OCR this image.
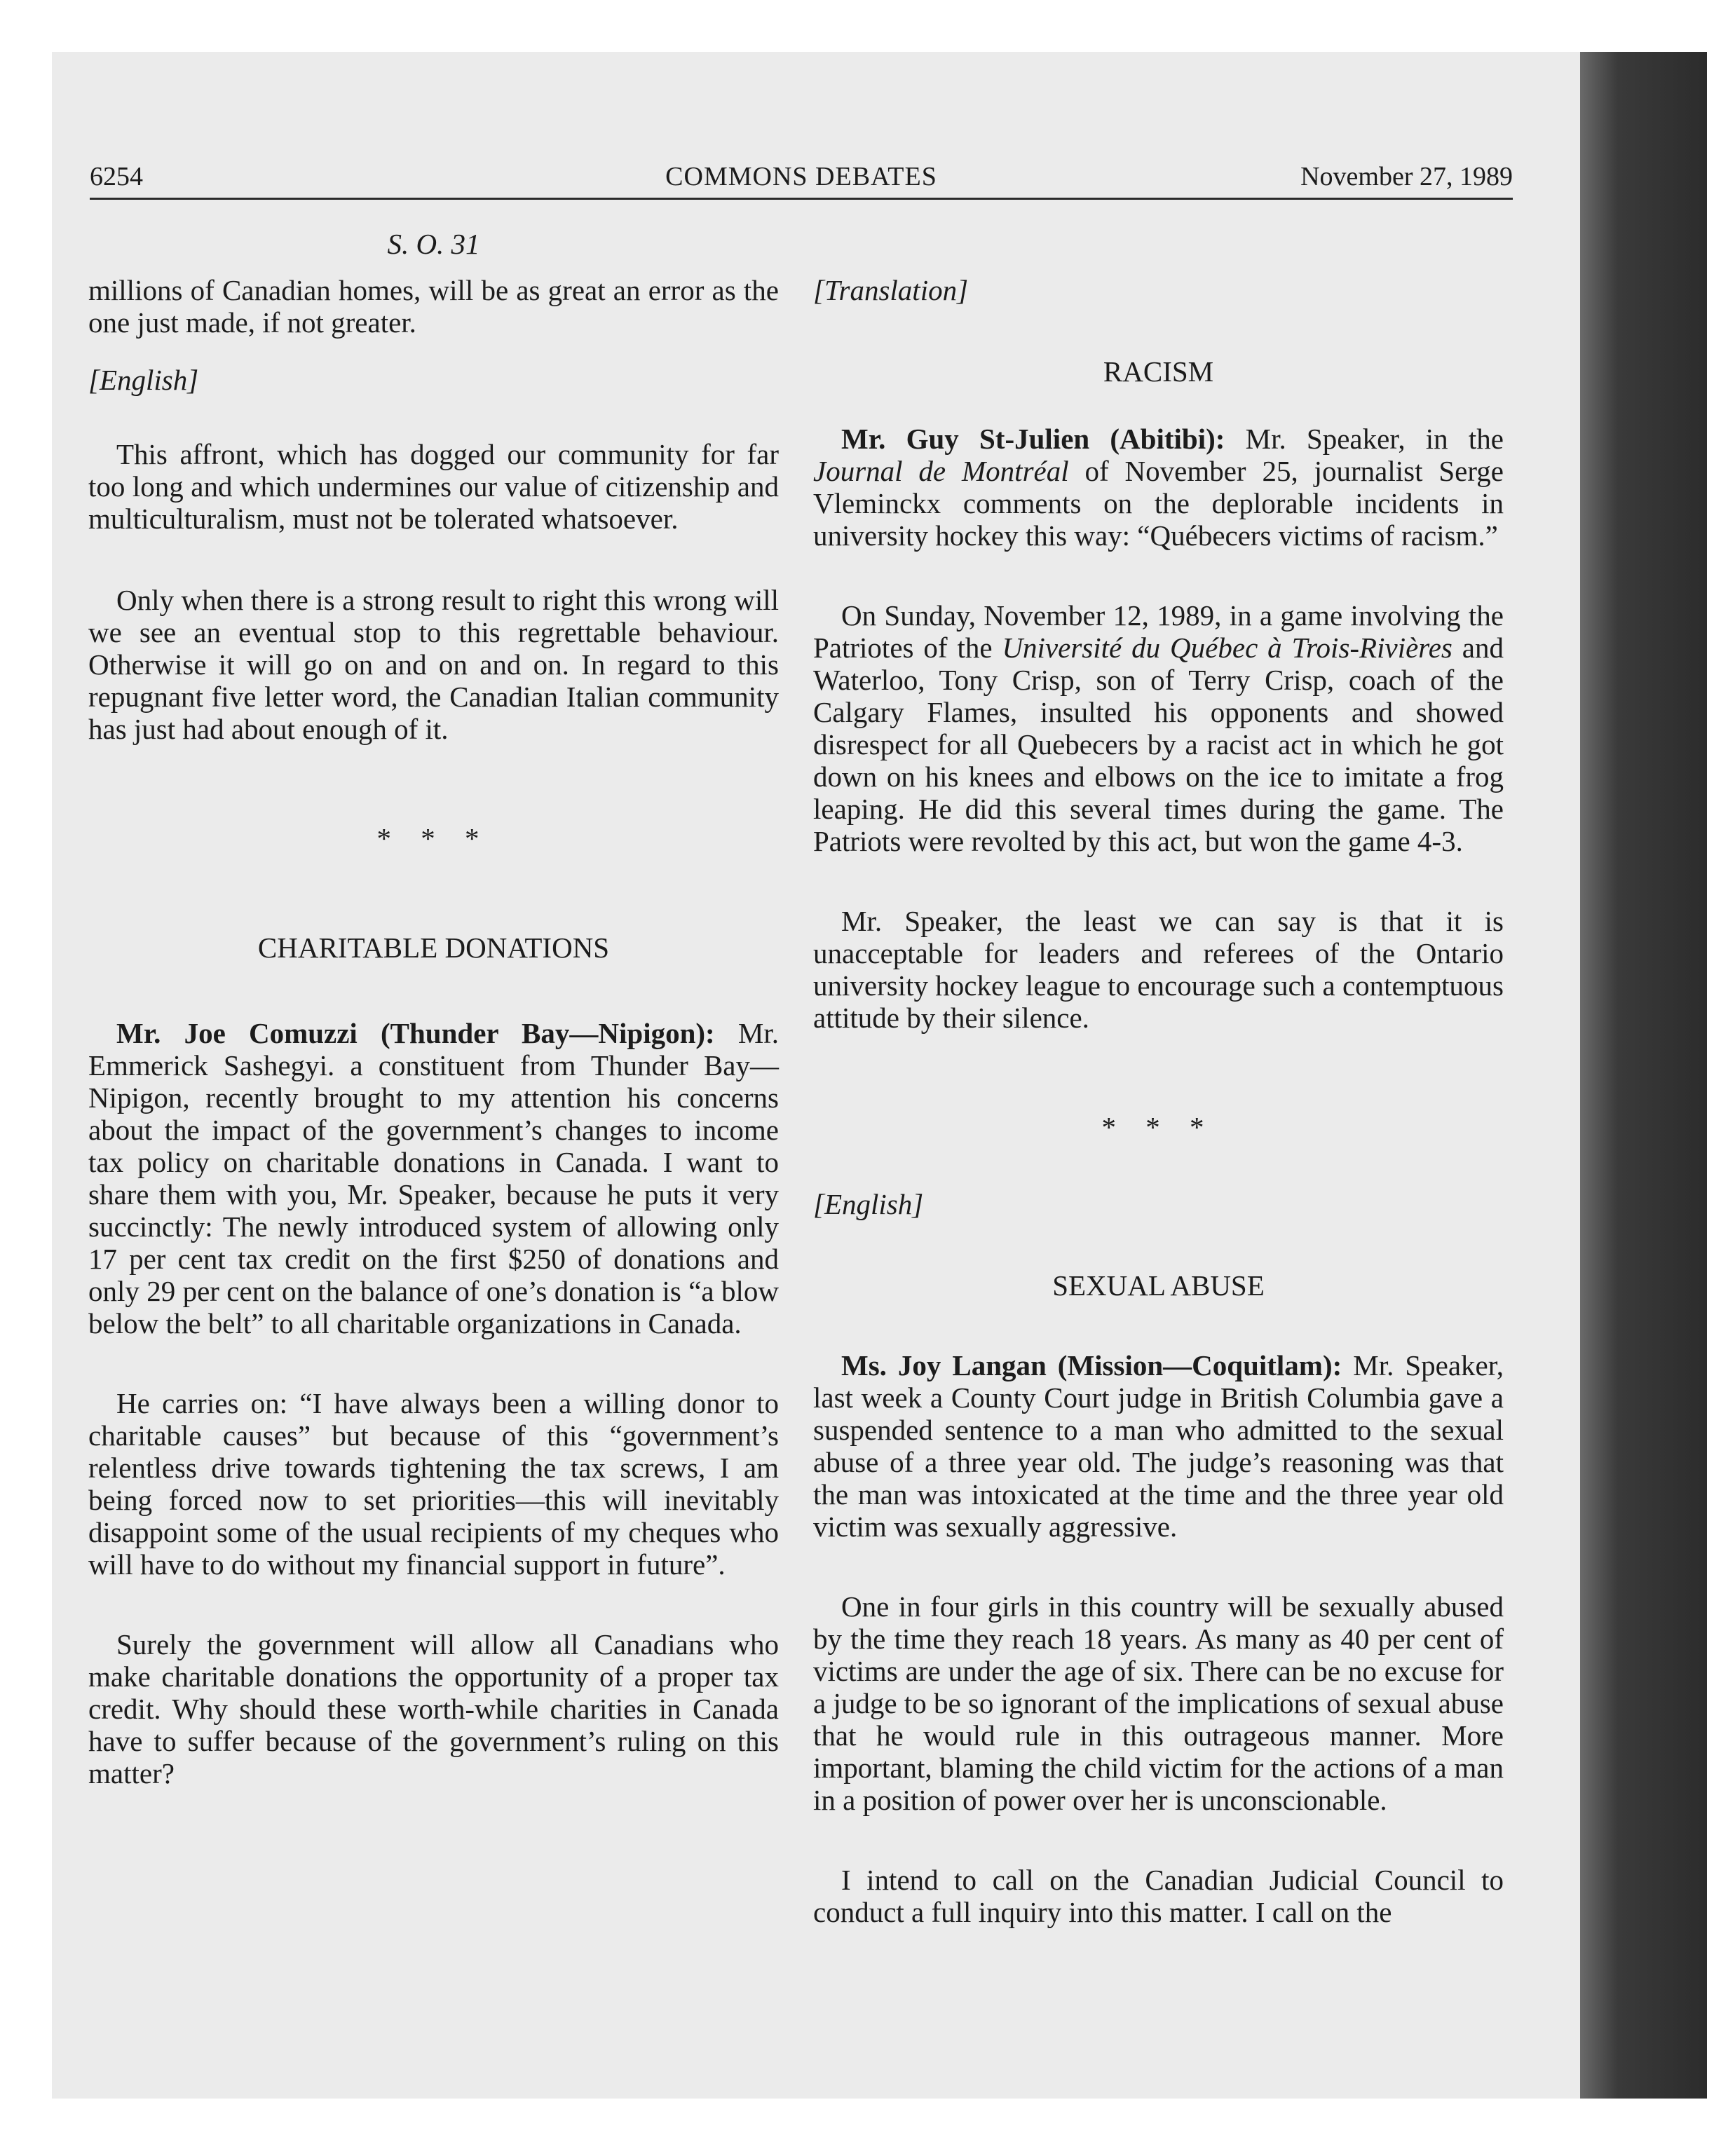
6254	COMMONS DEBATES	November 27, 1989
S. O. 31

millions of Canadian homes, will be as great an error as the one just made, if not greater.

[English]

This affront, which has dogged our community for far too long and which undermines our value of citizenship and multiculturalism, must not be tolerated whatsoever.

Only when there is a strong result to right this wrong will we see an eventual stop to this regrettable behaviour. Otherwise it will go on and on and on. In regard to this repugnant five letter word, the Canadian Italian community has just had about enough of it.

* * *
CHARITABLE DONATIONS

Mr. Joe Comuzzi (Thunder Bay—Nipigon): Mr. Emmerick Sashegyi. a constituent from Thunder Bay—Nipigon, recently brought to my attention his concerns about the impact of the government’s changes to income tax policy on charitable donations in Canada. I want to share them with you, Mr. Speaker, because he puts it very succinctly: The newly introduced system of allowing only 17 per cent tax credit on the first $250 of donations and only 29 per cent on the balance of one’s donation is “a blow below the belt” to all charitable organizations in Canada.

He carries on: “I have always been a willing donor to charitable causes” but because of this “government’s relentless drive towards tightening the tax screws, I am being forced now to set priorities—this will inevitably disappoint some of the usual recipients of my cheques who will have to do without my financial support in future”.

Surely the government will allow all Canadians who make charitable donations the opportunity of a proper tax credit. Why should these worth-while charities in Canada have to suffer because of the government’s ruling on this matter?

[Translation]
RACISM

Mr. Guy St-Julien (Abitibi): Mr. Speaker, in the Journal de Montréal of November 25, journalist Serge Vleminckx comments on the deplorable incidents in university hockey this way: “Québecers victims of racism.”

On Sunday, November 12, 1989, in a game involving the Patriotes of the Université du Québec à Trois-Rivières and Waterloo, Tony Crisp, son of Terry Crisp, coach of the Calgary Flames, insulted his opponents and showed disrespect for all Quebecers by a racist act in which he got down on his knees and elbows on the ice to imitate a frog leaping. He did this several times during the game. The Patriots were revolted by this act, but won the game 4-3.

Mr. Speaker, the least we can say is that it is unacceptable for leaders and referees of the Ontario university hockey league to encourage such a contemptuous attitude by their silence.

* * *
[English]
SEXUAL ABUSE

Ms. Joy Langan (Mission—Coquitlam): Mr. Speaker, last week a County Court judge in British Columbia gave a suspended sentence to a man who admitted to the sexual abuse of a three year old. The judge’s reasoning was that the man was intoxicated at the time and the three year old victim was sexually aggressive.

One in four girls in this country will be sexually abused by the time they reach 18 years. As many as 40 per cent of victims are under the age of six. There can be no excuse for a judge to be so ignorant of the implications of sexual abuse that he would rule in this outrageous manner. More important, blaming the child victim for the actions of a man in a position of power over her is unconscionable.

I intend to call on the Canadian Judicial Council to conduct a full inquiry into this matter. I call on the
